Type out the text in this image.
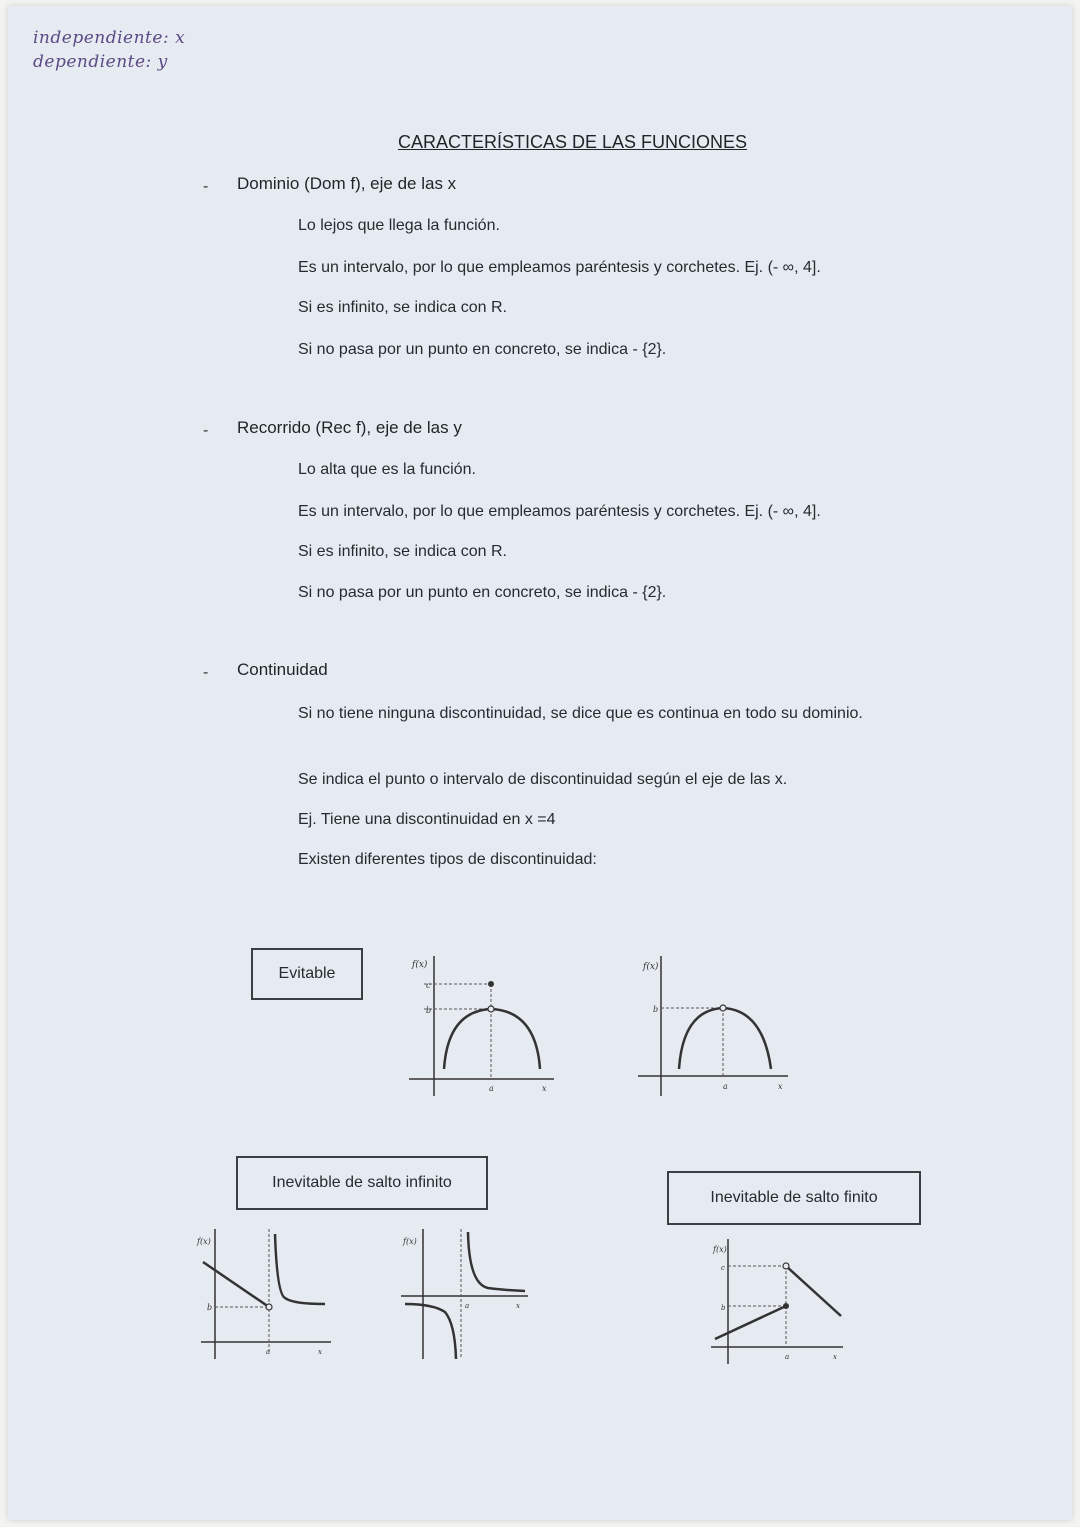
independiente: x
dependiente: y
CARACTERÍSTICAS DE LAS FUNCIONES
- Dominio (Dom f), eje de las x
Lo lejos que llega la función.
Es un intervalo, por lo que empleamos paréntesis y corchetes. Ej. (- ∞, 4].
Si es infinito, se indica con R.
Si no pasa por un punto en concreto, se indica - {2}.
- Recorrido (Rec f), eje de las y
Lo alta que es la función.
Es un intervalo, por lo que empleamos paréntesis y corchetes. Ej. (- ∞, 4].
Si es infinito, se indica con R.
Si no pasa por un punto en concreto, se indica - {2}.
- Continuidad
Si no tiene ninguna discontinuidad, se dice que es continua en todo su dominio.
Se indica el punto o intervalo de discontinuidad según el eje de las x.
Ej. Tiene una discontinuidad en x =4
Existen diferentes tipos de discontinuidad:
Evitable
Inevitable de salto infinito
Inevitable de salto finito
f(x)
c
b
a	x
f(x)
b
a	x
f(x)
b
a	x
f(x)
a	x
f(x)
c
b
a	x
